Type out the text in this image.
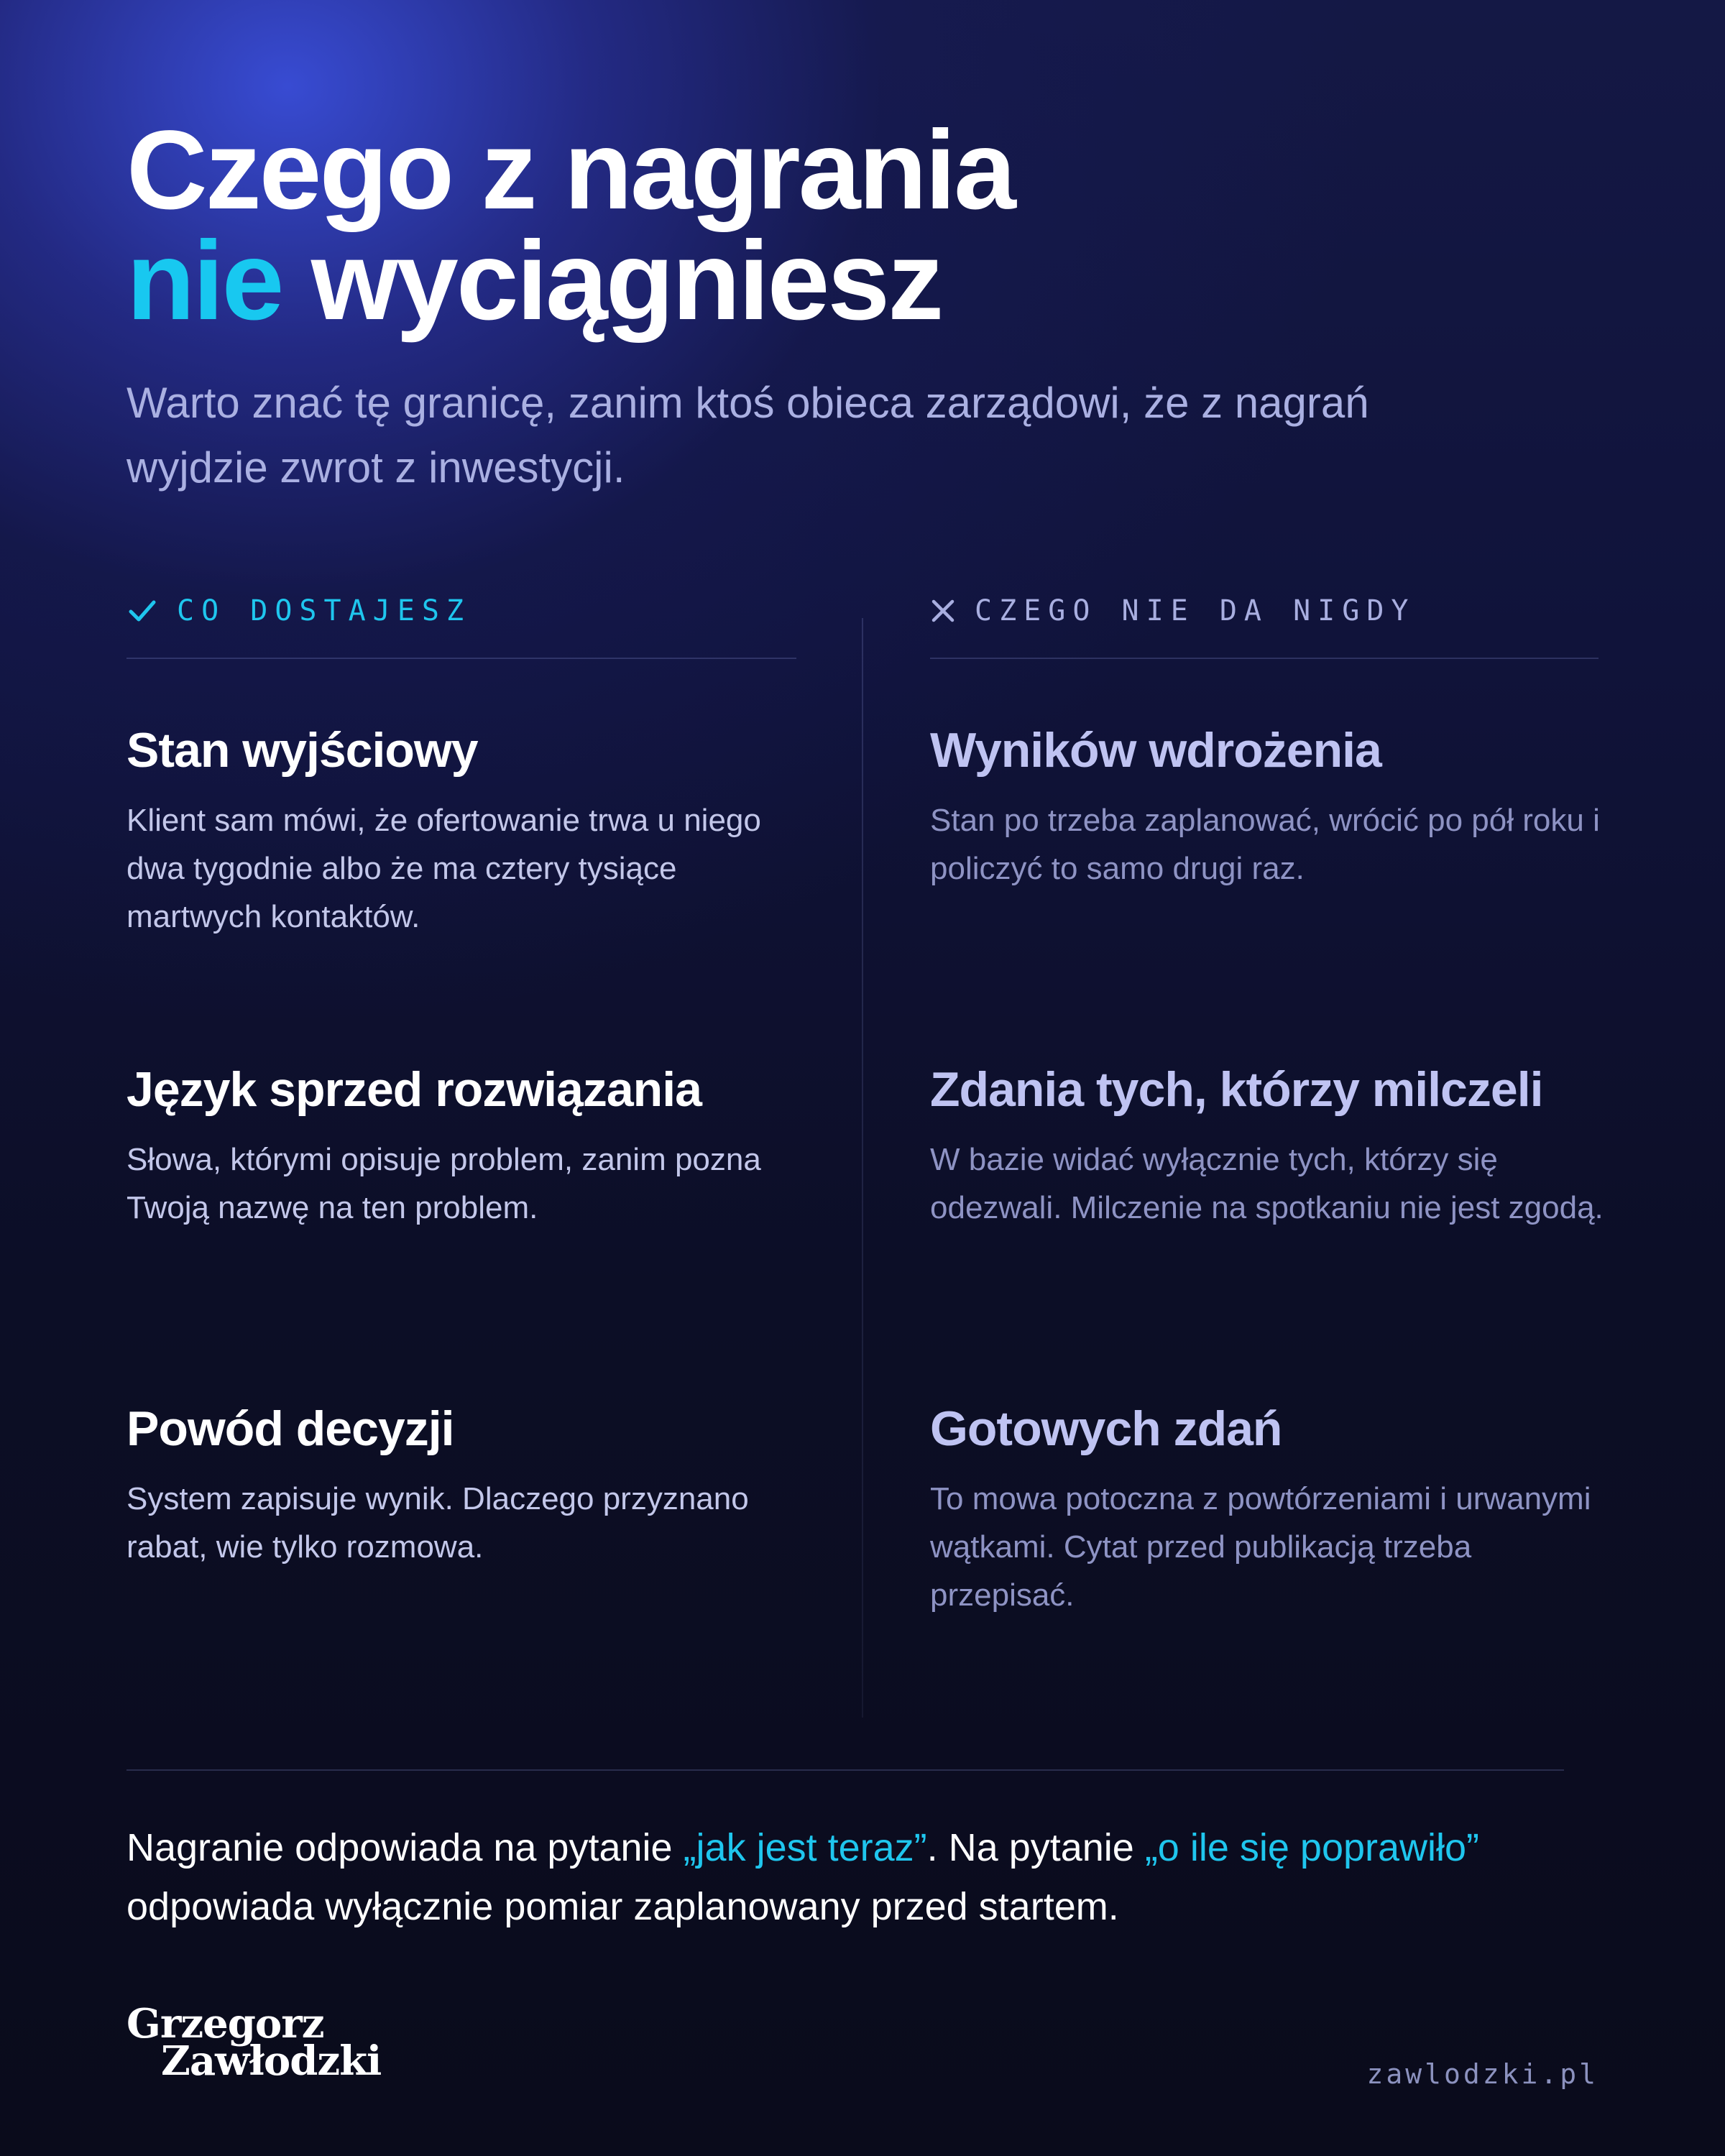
Czego z nagrania
nie wyciągniesz

Warto znać tę granicę, zanim ktoś obieca zarządowi, że z nagrań wyjdzie zwrot z inwestycji.

CO DOSTAJESZ	CZEGO NIE DA NIGDY
Stan wyjściowy

Klient sam mówi, że ofertowanie trwa u niego dwa tygodnie albo że ma cztery tysiące martwych kontaktów.

Język sprzed rozwiązania

Słowa, którymi opisuje problem, zanim pozna Twoją nazwę na ten problem.

Powód decyzji

System zapisuje wynik. Dlaczego przyznano rabat, wie tylko rozmowa.

Wyników wdrożenia

Stan po trzeba zaplanować, wrócić po pół roku i policzyć to samo drugi raz.

Zdania tych, którzy milczeli

W bazie widać wyłącznie tych, którzy się odezwali. Milczenie na spotkaniu nie jest zgodą.

Gotowych zdań

To mowa potoczna z powtórzeniami i urwanymi wątkami. Cytat przed publikacją trzeba przepisać.

Nagranie odpowiada na pytanie „jak jest teraz”. Na pytanie „o ile się poprawiło” odpowiada wyłącznie pomiar zaplanowany przed startem.

Grzegorz
Zawłodzki	zawlodzki.pl
